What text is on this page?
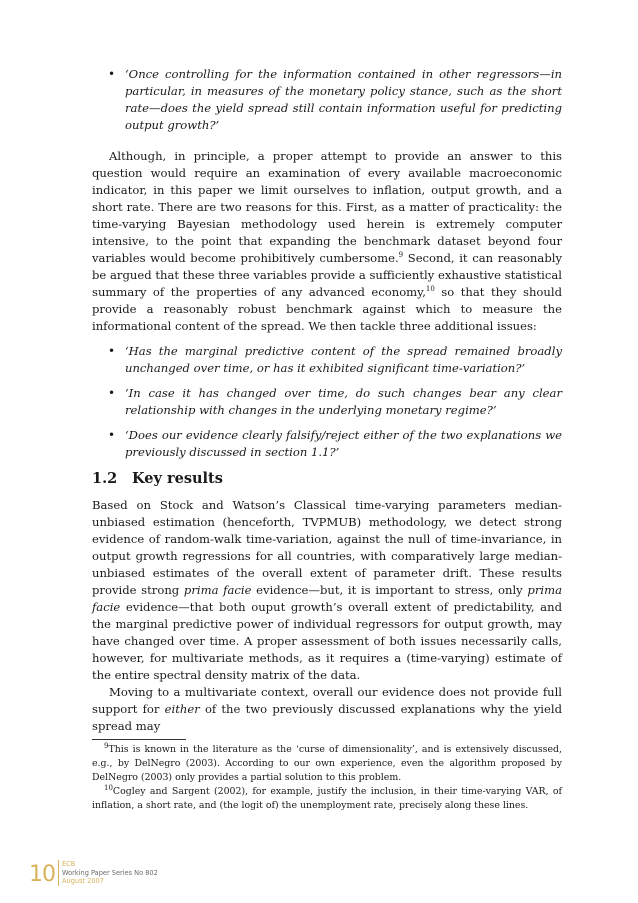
• ‘Once controlling for the information contained in other regressors—in particular, in measures of the monetary policy stance, such as the short rate—does the yield spread still contain information useful for predicting output growth?’

Although, in principle, a proper attempt to provide an answer to this question would require an examination of every available macroeconomic indicator, in this paper we limit ourselves to inflation, output growth, and a short rate. There are two reasons for this. First, as a matter of practicality: the time-varying Bayesian methodology used herein is extremely computer intensive, to the point that expanding the benchmark dataset beyond four variables would become prohibitively cumbersome.$^9$ Second, it can reasonably be argued that these three variables provide a sufficiently exhaustive statistical summary of the properties of any advanced economy,$^{10}$ so that they should provide a reasonably robust benchmark against which to measure the informational content of the spread. We then tackle three additional issues:

• ‘Has the marginal predictive content of the spread remained broadly unchanged over time, or has it exhibited significant time-variation?’
• ‘In case it has changed over time, do such changes bear any clear relationship with changes in the underlying monetary regime?’
• ‘Does our evidence clearly falsify/reject either of the two explanations we previously discussed in section 1.1?’
1.2 Key results

Based on Stock and Watson’s Classical time-varying parameters median-unbiased estimation (henceforth, TVPMUB) methodology, we detect strong evidence of random-walk time-variation, against the null of time-invariance, in output growth regressions for all countries, with comparatively large median-unbiased estimates of the overall extent of parameter drift. These results provide strong prima facie evidence—but, it is important to stress, only prima facie evidence—that both ouput growth’s overall extent of predictability, and the marginal predictive power of individual regressors for output growth, may have changed over time. A proper assessment of both issues necessarily calls, however, for multivariate methods, as it requires a (time-varying) estimate of the entire spectral density matrix of the data.

Moving to a multivariate context, overall our evidence does not provide full support for either of the two previously discussed explanations why the yield spread may

$^9$This is known in the literature as the ‘curse of dimensionality’, and is extensively discussed, e.g., by DelNegro (2003). According to our own experience, even the algorithm proposed by DelNegro (2003) only provides a partial solution to this problem.

$^{10}$Cogley and Sargent (2002), for example, justify the inclusion, in their time-varying VAR, of inflation, a short rate, and (the logit of) the unemployment rate, precisely along these lines.

10 ECB
Working Paper Series No 802
August 2007
